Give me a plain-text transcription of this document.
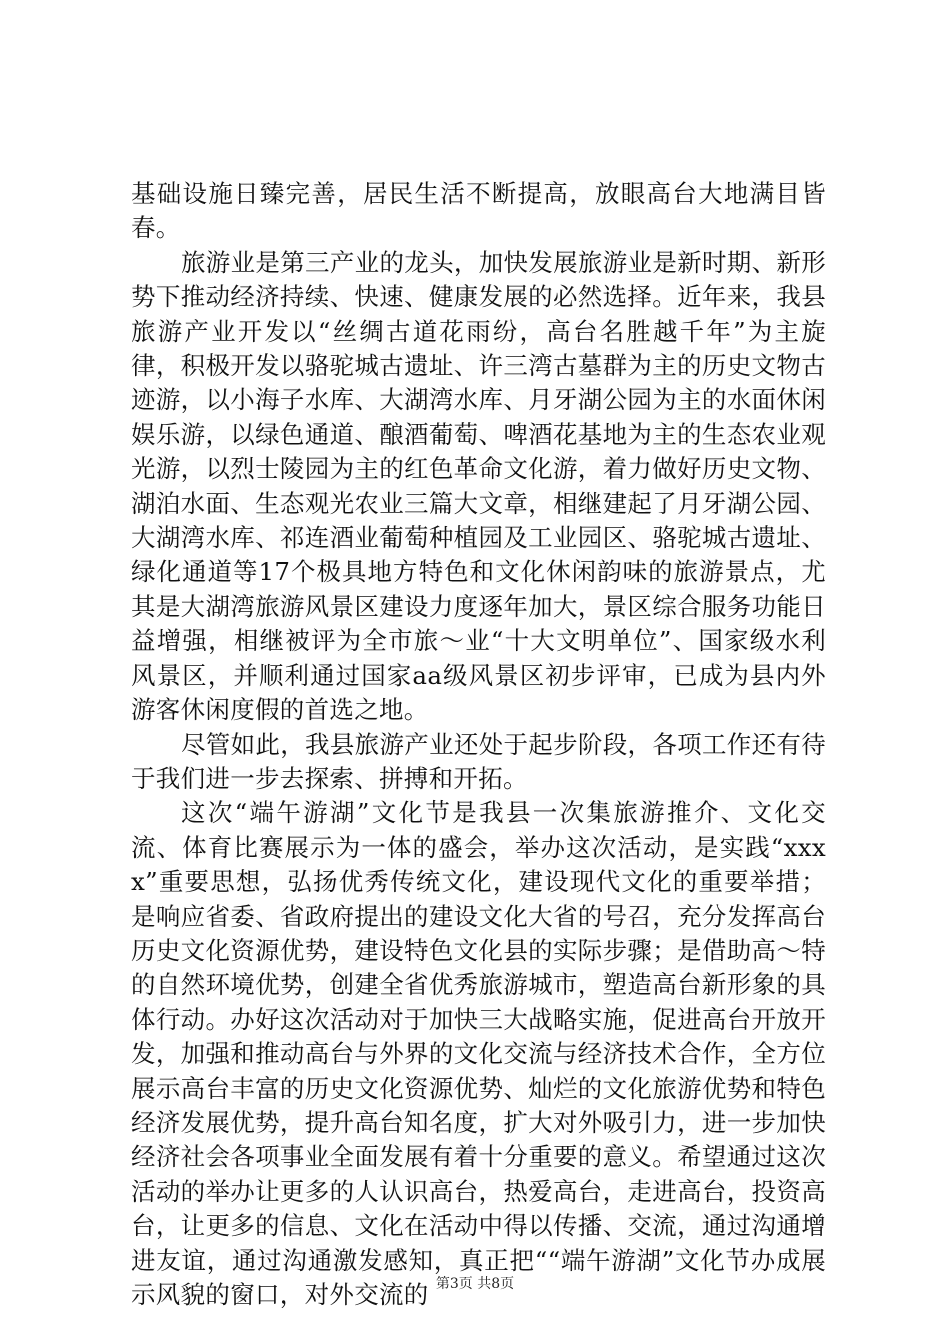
基础设施日臻完善，居民生活不断提高，放眼高台大地满目皆春。

旅游业是第三产业的龙头，加快发展旅游业是新时期、新形势下推动经济持续、快速、健康发展的必然选择。近年来，我县旅游产业开发以“丝绸古道花雨纷，高台名胜越千年”为主旋律，积极开发以骆驼城古遗址、许三湾古墓群为主的历史文物古迹游，以小海子水库、大湖湾水库、月牙湖公园为主的水面休闲娱乐游，以绿色通道、酿酒葡萄、啤酒花基地为主的生态农业观光游，以烈士陵园为主的红色革命文化游，着力做好历史文物、湖泊水面、生态观光农业三篇大文章，相继建起了月牙湖公园、大湖湾水库、祁连酒业葡萄种植园及工业园区、骆驼城古遗址、绿化通道等17个极具地方特色和文化休闲韵味的旅游景点，尤其是大湖湾旅游风景区建设力度逐年加大，景区综合服务功能日益增强，相继被评为全市旅～业“十大文明单位”、国家级水利风景区，并顺利通过国家aa级风景区初步评审，已成为县内外游客休闲度假的首选之地。

尽管如此，我县旅游产业还处于起步阶段，各项工作还有待于我们进一步去探索、拼搏和开拓。

这次“端午游湖”文化节是我县一次集旅游推介、文化交流、体育比赛展示为一体的盛会，举办这次活动，是实践“xxxx”重要思想，弘扬优秀传统文化，建设现代文化的重要举措；是响应省委、省政府提出的建设文化大省的号召，充分发挥高台历史文化资源优势，建设特色文化县的实际步骤；是借助高～特的自然环境优势，创建全省优秀旅游城市，塑造高台新形象的具体行动。办好这次活动对于加快三大战略实施，促进高台开放开发，加强和推动高台与外界的文化交流与经济技术合作，全方位展示高台丰富的历史文化资源优势、灿烂的文化旅游优势和特色经济发展优势，提升高台知名度，扩大对外吸引力，进一步加快经济社会各项事业全面发展有着十分重要的意义。希望通过这次活动的举办让更多的人认识高台，热爱高台，走进高台，投资高台，让更多的信息、文化在活动中得以传播、交流，通过沟通增进友谊，通过沟通激发感知，真正把““端午游湖”文化节办成展示风貌的窗口，对外交流的 第3页 共8页
